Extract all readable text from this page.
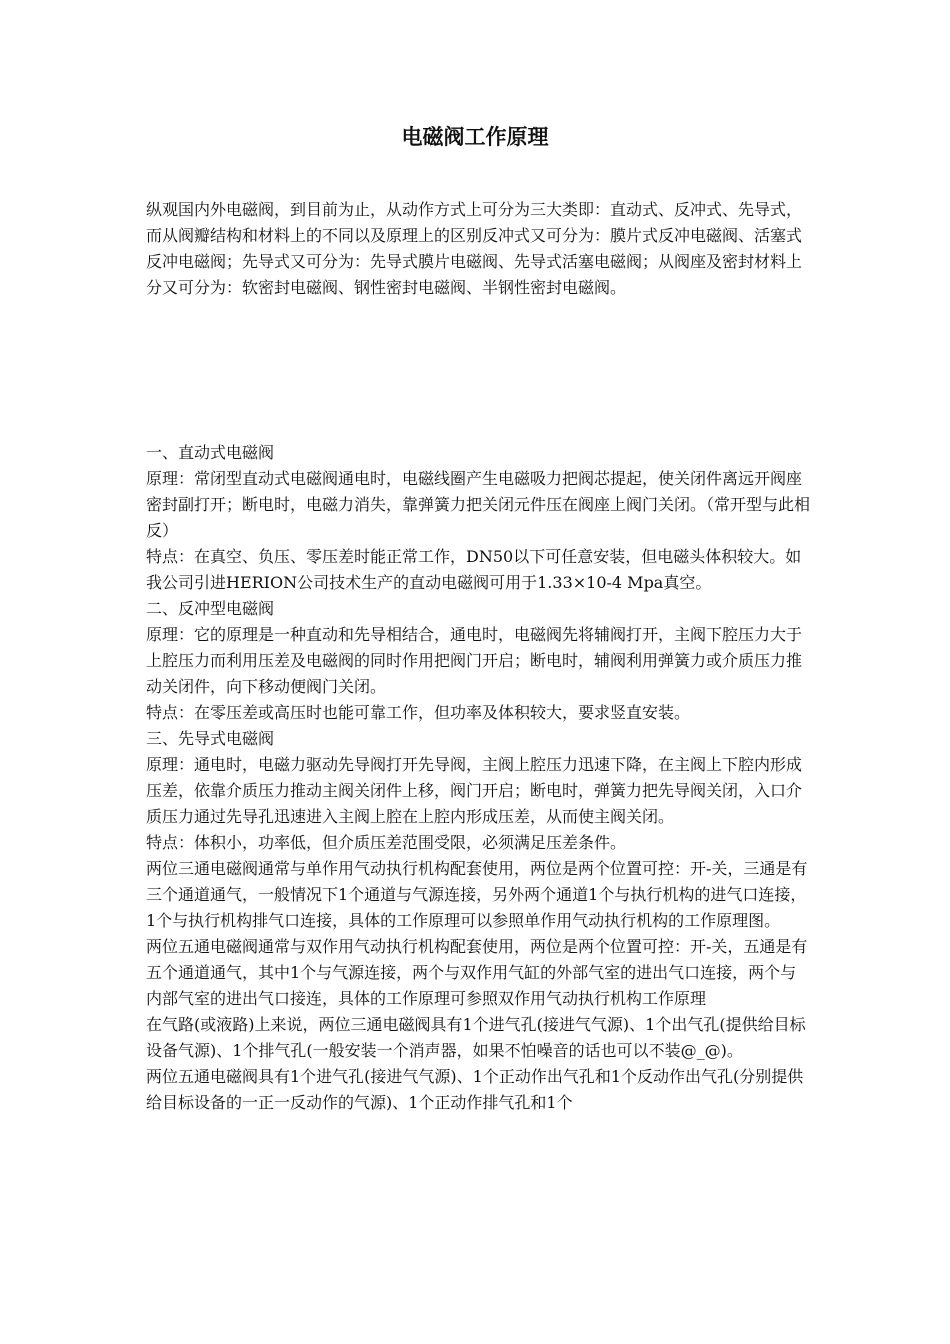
电磁阀工作原理

纵观国内外电磁阀，到目前为止，从动作方式上可分为三大类即：直动式、反冲式、先导式，而从阀瓣结构和材料上的不同以及原理上的区别反冲式又可分为：膜片式反冲电磁阀、活塞式反冲电磁阀；先导式又可分为：先导式膜片电磁阀、先导式活塞电磁阀；从阀座及密封材料上分又可分为：软密封电磁阀、钢性密封电磁阀、半钢性密封电磁阀。

一、直动式电磁阀

原理：常闭型直动式电磁阀通电时，电磁线圈产生电磁吸力把阀芯提起，使关闭件离远开阀座密封副打开；断电时，电磁力消失，靠弹簧力把关闭元件压在阀座上阀门关闭。（常开型与此相反）

特点：在真空、负压、零压差时能正常工作，DN50以下可任意安装，但电磁头体积较大。如我公司引进HERION公司技术生产的直动电磁阀可用于1.33×10-4 Mpa真空。

二、反冲型电磁阀

原理：它的原理是一种直动和先导相结合，通电时，电磁阀先将辅阀打开，主阀下腔压力大于上腔压力而利用压差及电磁阀的同时作用把阀门开启；断电时，辅阀利用弹簧力或介质压力推动关闭件，向下移动便阀门关闭。

特点：在零压差或高压时也能可靠工作，但功率及体积较大，要求竖直安装。

三、先导式电磁阀

原理：通电时，电磁力驱动先导阀打开先导阀，主阀上腔压力迅速下降，在主阀上下腔内形成压差，依靠介质压力推动主阀关闭件上移，阀门开启；断电时，弹簧力把先导阀关闭，入口介质压力通过先导孔迅速进入主阀上腔在上腔内形成压差，从而使主阀关闭。

特点：体积小，功率低，但介质压差范围受限，必须满足压差条件。

两位三通电磁阀通常与单作用气动执行机构配套使用，两位是两个位置可控：开-关，三通是有三个通道通气，一般情况下1个通道与气源连接，另外两个通道1个与执行机构的进气口连接，1个与执行机构排气口连接，具体的工作原理可以参照单作用气动执行机构的工作原理图。

两位五通电磁阀通常与双作用气动执行机构配套使用，两位是两个位置可控：开-关，五通是有五个通道通气，其中1个与气源连接，两个与双作用气缸的外部气室的进出气口连接，两个与内部气室的进出气口接连，具体的工作原理可参照双作用气动执行机构工作原理

在气路(或液路)上来说，两位三通电磁阀具有1个进气孔(接进气气源)、1个出气孔(提供给目标设备气源)、1个排气孔(一般安装一个消声器，如果不怕噪音的话也可以不装@_@)。

两位五通电磁阀具有1个进气孔(接进气气源)、1个正动作出气孔和1个反动作出气孔(分别提供给目标设备的一正一反动作的气源)、1个正动作排气孔和1个
